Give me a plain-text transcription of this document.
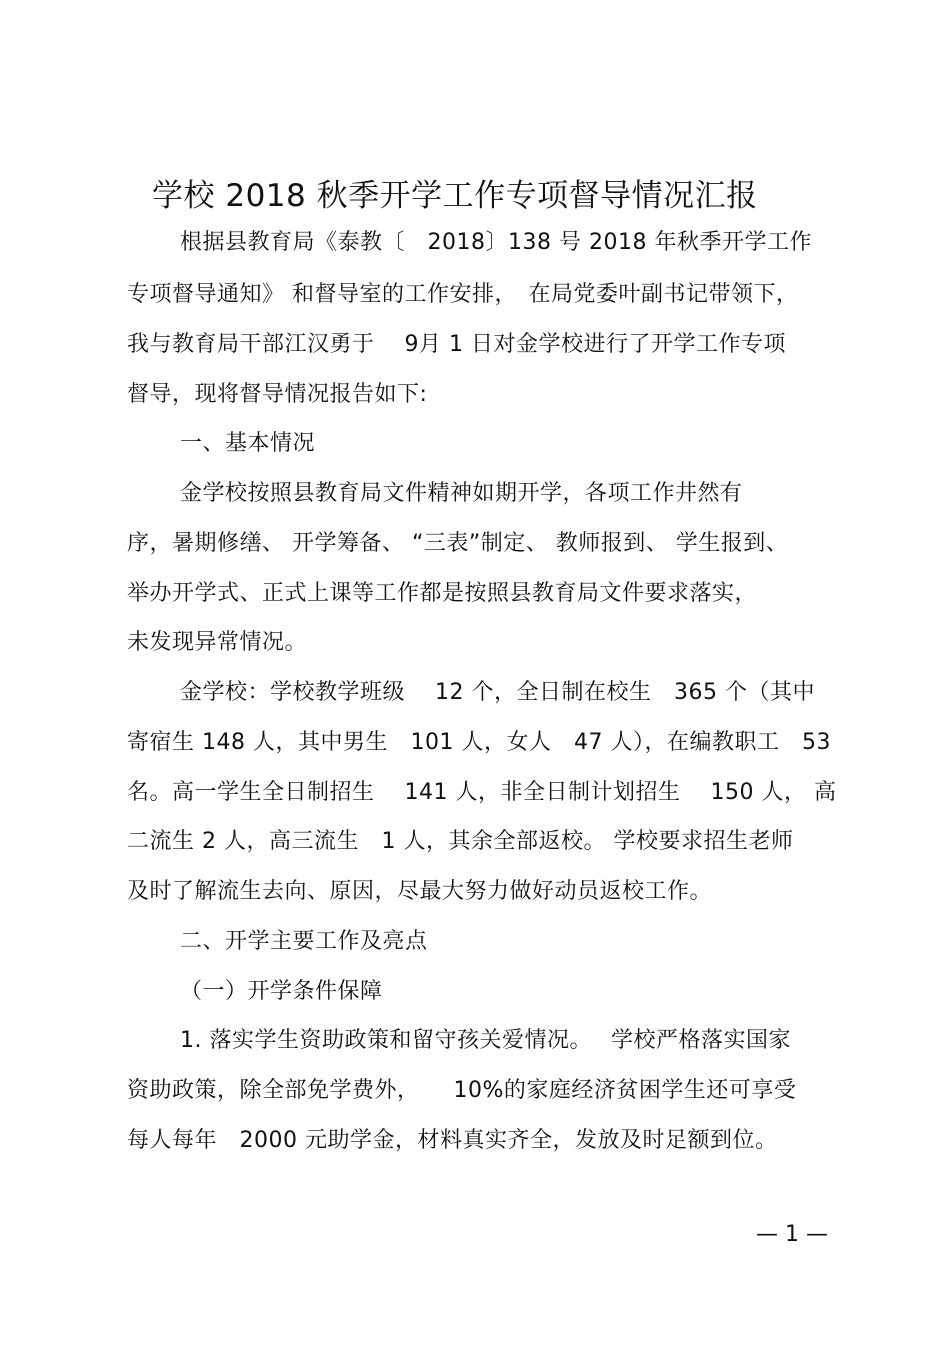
学校 2018 秋季开学工作专项督导情况汇报
根据县教育局《泰教〔　2018〕138 号 2018 年秋季开学工作
专项督导通知》 和督导室的工作安排，　在局党委叶副书记带领下，
我与教育局干部江汉勇于　 9月 1 日对金学校进行了开学工作专项
督导，现将督导情况报告如下:
一、基本情况
金学校按照县教育局文件精神如期开学，各项工作井然有
序，暑期修缮、 开学筹备、 “三表”制定、 教师报到、 学生报到、
举办开学式、正式上课等工作都是按照县教育局文件要求落实，
未发现异常情况。
金学校：学校教学班级　 12 个，全日制在校生　365 个（其中
寄宿生 148 人，其中男生　101 人，女人　47 人），在编教职工　53
名。高一学生全日制招生　 141 人，非全日制计划招生　 150 人， 高
二流生 2 人，高三流生　1 人，其余全部返校。 学校要求招生老师
及时了解流生去向、原因，尽最大努力做好动员返校工作。
二、开学主要工作及亮点
（一）开学条件保障
1. 落实学生资助政策和留守孩关爱情况。　 学校严格落实国家
资助政策，除全部免学费外，　　10%的家庭经济贫困学生还可享受
每人每年　2000 元助学金，材料真实齐全，发放及时足额到位。
— 1 —
